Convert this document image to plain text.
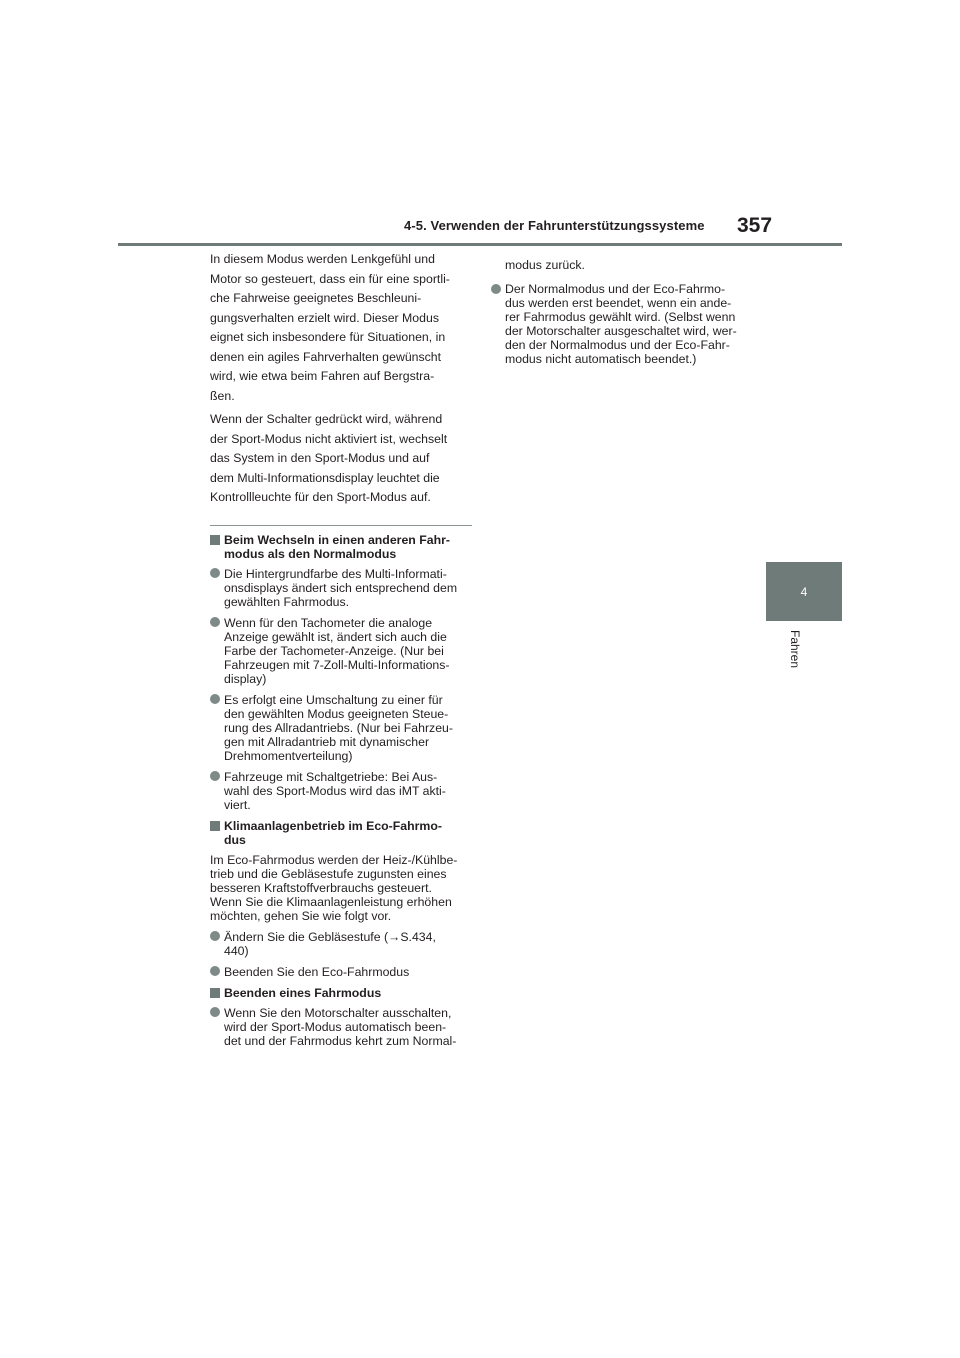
4-5. Verwenden der Fahrunterstützungssysteme 357
4
Fahren

In diesem Modus werden Lenkgefühl und
Motor so gesteuert, dass ein für eine sportli-
che Fahrweise geeignetes Beschleuni-
gungsverhalten erzielt wird. Dieser Modus
eignet sich insbesondere für Situationen, in
denen ein agiles Fahrverhalten gewünscht
wird, wie etwa beim Fahren auf Bergstra-
ßen.

Wenn der Schalter gedrückt wird, während
der Sport-Modus nicht aktiviert ist, wechselt
das System in den Sport-Modus und auf
dem Multi-Informationsdisplay leuchtet die
Kontrollleuchte für den Sport-Modus auf.

Beim Wechseln in einen anderen Fahr-
modus als den Normalmodus
Die Hintergrundfarbe des Multi-Informati-
onsdisplays ändert sich entsprechend dem
gewählten Fahrmodus.
Wenn für den Tachometer die analoge
Anzeige gewählt ist, ändert sich auch die
Farbe der Tachometer-Anzeige. (Nur bei
Fahrzeugen mit 7-Zoll-Multi-Informations-
display)
Es erfolgt eine Umschaltung zu einer für
den gewählten Modus geeigneten Steue-
rung des Allradantriebs. (Nur bei Fahrzeu-
gen mit Allradantrieb mit dynamischer
Drehmomentverteilung)
Fahrzeuge mit Schaltgetriebe: Bei Aus-
wahl des Sport-Modus wird das iMT akti-
viert.
Klimaanlagenbetrieb im Eco-Fahrmo-
dus
Im Eco-Fahrmodus werden der Heiz-/Kühlbe-
trieb und die Gebläsestufe zugunsten eines
besseren Kraftstoffverbrauchs gesteuert.
Wenn Sie die Klimaanlagenleistung erhöhen
möchten, gehen Sie wie folgt vor.
Ändern Sie die Gebläsestufe (→S.434,
440)
Beenden Sie den Eco-Fahrmodus
Beenden eines Fahrmodus
Wenn Sie den Motorschalter ausschalten,
wird der Sport-Modus automatisch been-
det und der Fahrmodus kehrt zum Normal-
modus zurück.
Der Normalmodus und der Eco-Fahrmo-
dus werden erst beendet, wenn ein ande-
rer Fahrmodus gewählt wird. (Selbst wenn
der Motorschalter ausgeschaltet wird, wer-
den der Normalmodus und der Eco-Fahr-
modus nicht automatisch beendet.)
